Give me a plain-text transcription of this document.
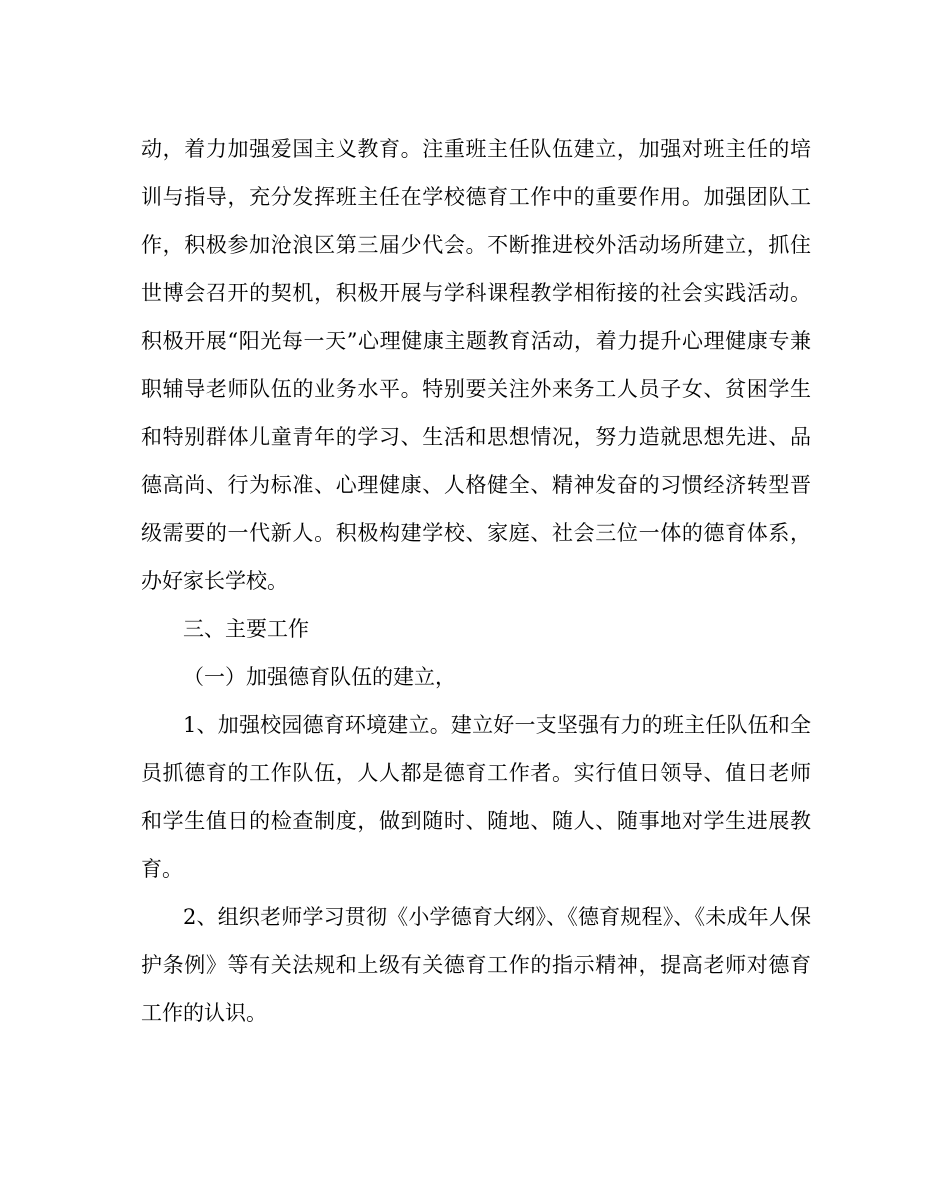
动，着力加强爱国主义教育。注重班主任队伍建立，加强对班主任的培训与指导，充分发挥班主任在学校德育工作中的重要作用。加强团队工作，积极参加沧浪区第三届少代会。不断推进校外活动场所建立，抓住世博会召开的契机，积极开展与学科课程教学相衔接的社会实践活动。积极开展“阳光每一天”心理健康主题教育活动，着力提升心理健康专兼职辅导老师队伍的业务水平。特别要关注外来务工人员子女、贫困学生和特别群体儿童青年的学习、生活和思想情况，努力造就思想先进、品德高尚、行为标准、心理健康、人格健全、精神发奋的习惯经济转型晋级需要的一代新人。积极构建学校、家庭、社会三位一体的德育体系，办好家长学校。

三、主要工作

（一）加强德育队伍的建立，

1、加强校园德育环境建立。建立好一支坚强有力的班主任队伍和全员抓德育的工作队伍，人人都是德育工作者。实行值日领导、值日老师和学生值日的检查制度，做到随时、随地、随人、随事地对学生进展教育。

2、组织老师学习贯彻《小学德育大纲》、《德育规程》、《未成年人保护条例》等有关法规和上级有关德育工作的指示精神，提高老师对德育工作的认识。
